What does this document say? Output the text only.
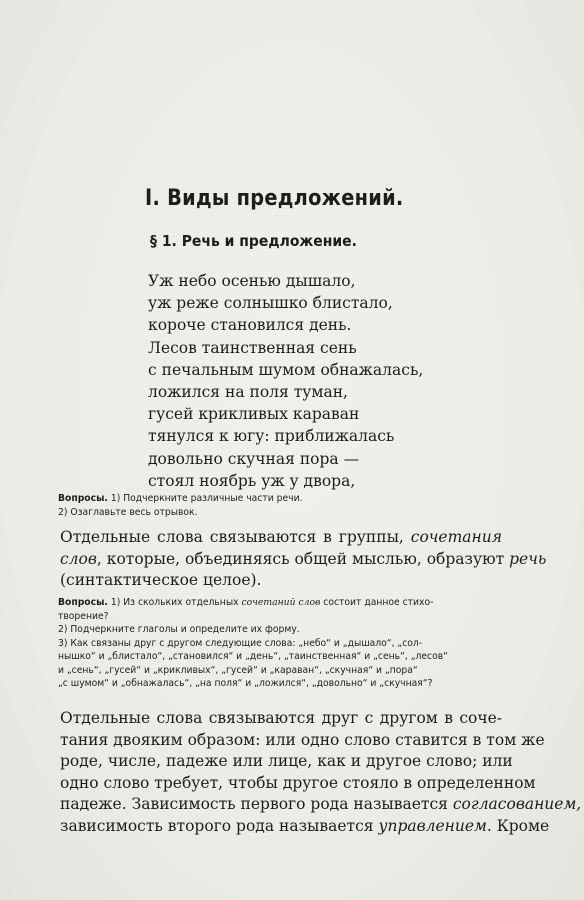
I. Виды предложений.
§ 1. Речь и предложение.
Уж небо осенью дышало,
уж реже солнышко блистало,
короче становился день.
Лесов таинственная сень
с печальным шумом обнажалась,
ложился на поля туман,
гусей крикливых караван
тянулся к югу: приближалась
довольно скучная пора —
стоял ноябрь уж у двора,
Вопросы. 1) Подчеркните различные части речи.
2) Озаглавьте весь отрывок.
Отдельные слова связываются в группы, сочетания
слов, которые, объединяясь общей мыслью, образуют речь
(синтактическое целое).
Вопросы. 1) Из скольких отдельных сочетаний слов состоит данное стихо-
творение?
2) Подчеркните глаголы и определите их форму.
3) Как связаны друг с другом следующие слова: „небо“ и „дышало“, „сол-
нышко“ и „блистало“, „становился“ и „день“, „таинственная“ и „сень“, „лесов“
и „сень“, „гусей“ и „крикливых“, „гусей“ и „караван“, „скучная“ и „пора“
„с шумом“ и „обнажалась“, „на поля“ и „ложился“, „довольно“ и „скучная“?
Отдельные слова связываются друг с другом в соче-
тания двояким образом: или одно слово ставится в том же
роде, числе, падеже или лице, как и другое слово; или
одно слово требует, чтобы другое стояло в определенном
падеже. Зависимость первого рода называется согласованием,
зависимость второго рода называется управлением. Кроме
